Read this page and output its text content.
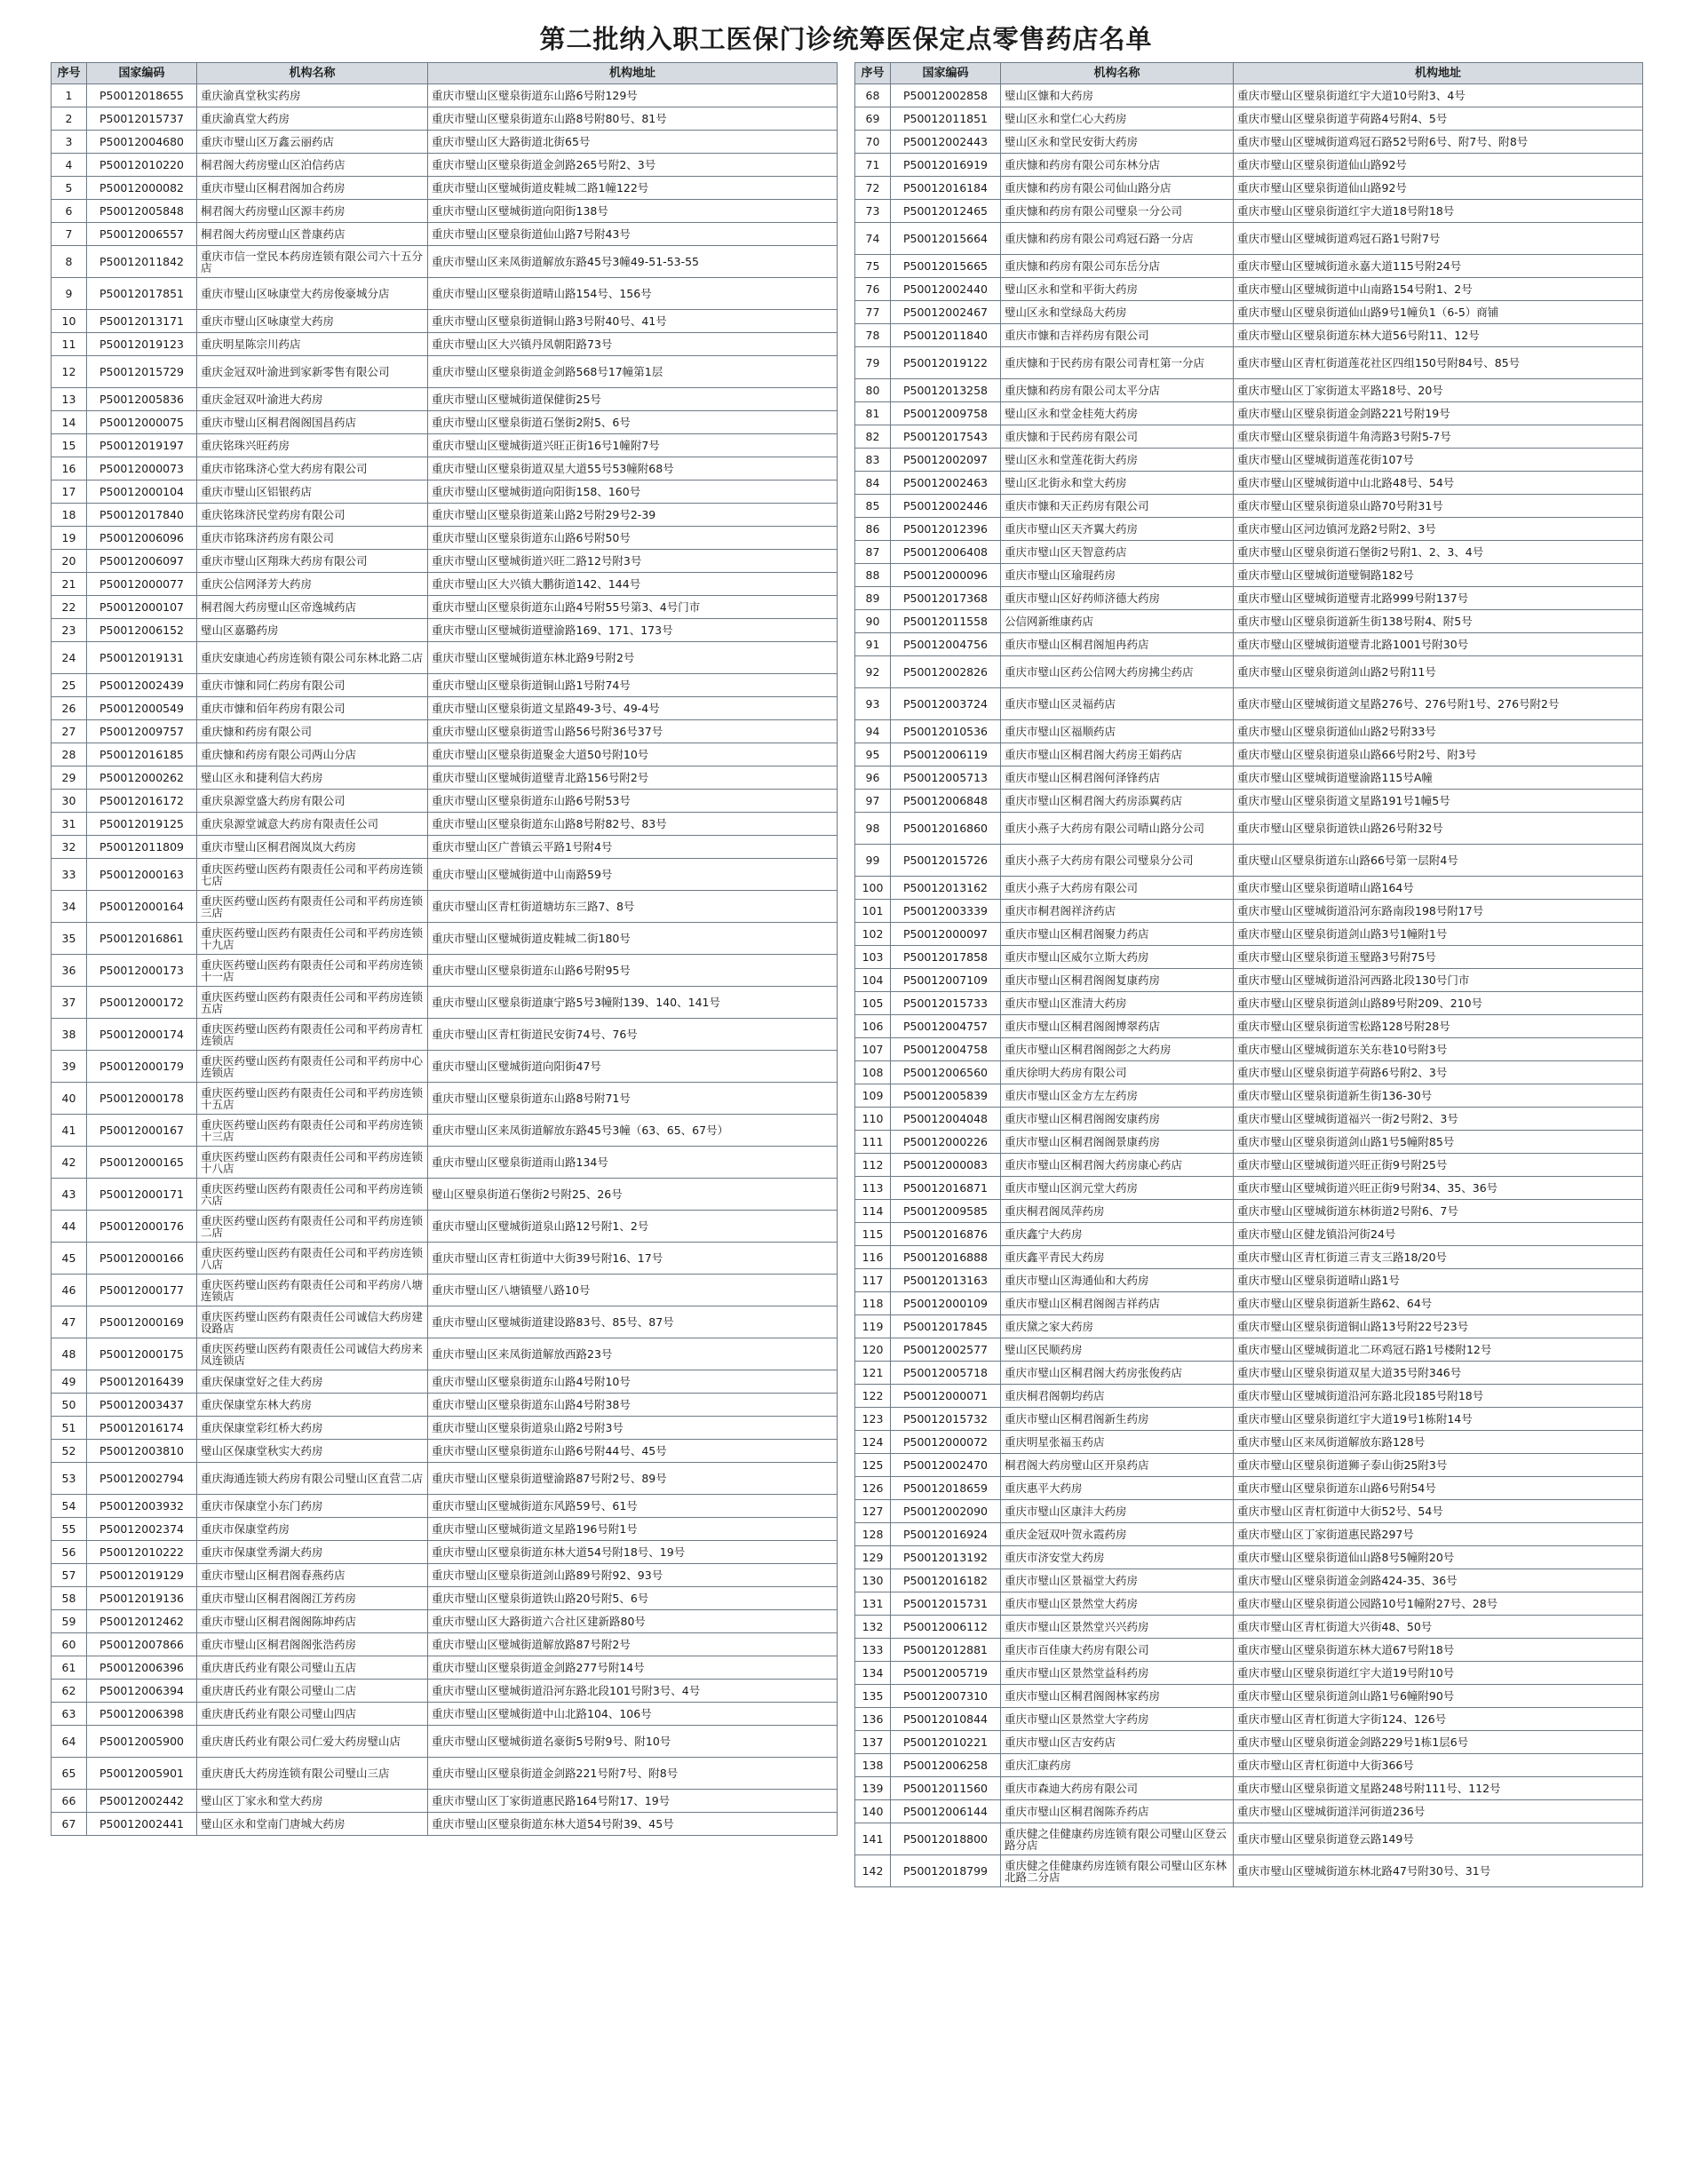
第二批纳入职工医保门诊统筹医保定点零售药店名单
序号	国家编码	机构名称	机构地址
1	P50012018655	重庆渝真堂秋实药房	重庆市璧山区璧泉街道东山路6号附129号
2	P50012015737	重庆渝真堂大药房	重庆市璧山区璧泉街道东山路8号附80号、81号
3	P50012004680	重庆市璧山区万鑫云丽药店	重庆市璧山区大路街道北街65号
4	P50012010220	桐君阁大药房璧山区泊信药店	重庆市璧山区璧泉街道金剑路265号附2、3号
5	P50012000082	重庆市璧山区桐君阁加合药房	重庆市璧山区璧城街道皮鞋城二路1幢122号
6	P50012005848	桐君阁大药房璧山区源丰药房	重庆市璧山区璧城街道向阳街138号
7	P50012006557	桐君阁大药房璧山区普康药店	重庆市璧山区璧泉街道仙山路7号附43号
8	P50012011842	重庆市信一堂民本药房连锁有限公司六十五分店	重庆市璧山区来凤街道解放东路45号3幢49-51-53-55
9	P50012017851	重庆市璧山区咏康堂大药房俊豪城分店	重庆市璧山区璧泉街道晴山路154号、156号
10	P50012013171	重庆市璧山区咏康堂大药房	重庆市璧山区璧泉街道铜山路3号附40号、41号
11	P50012019123	重庆明星陈宗川药店	重庆市璧山区大兴镇丹凤朝阳路73号
12	P50012015729	重庆金冠双叶渝进到家新零售有限公司	重庆市璧山区璧泉街道金剑路568号17幢第1层
13	P50012005836	重庆金冠双叶渝进大药房	重庆市璧山区璧城街道保健街25号
14	P50012000075	重庆市璧山区桐君阁阁国昌药店	重庆市璧山区璧泉街道石堡街2附5、6号
15	P50012019197	重庆铭珠兴旺药房	重庆市璧山区璧城街道兴旺正街16号1幢附7号
16	P50012000073	重庆市铭珠济心堂大药房有限公司	重庆市璧山区璧泉街道双星大道55号53幢附68号
17	P50012000104	重庆市璧山区铝银药店	重庆市璧山区璧城街道向阳街158、160号
18	P50012017840	重庆铭珠济民堂药房有限公司	重庆市璧山区璧泉街道莱山路2号附29号2-39
19	P50012006096	重庆市铭珠济药房有限公司	重庆市璧山区璧泉街道东山路6号附50号
20	P50012006097	重庆市璧山区翔珠大药房有限公司	重庆市璧山区璧城街道兴旺二路12号附3号
21	P50012000077	重庆公信网泽芳大药房	重庆市璧山区大兴镇大鹏街道142、144号
22	P50012000107	桐君阁大药房璧山区帝逸城药店	重庆市璧山区璧泉街道东山路4号附55号第3、4号门市
23	P50012006152	璧山区嘉璐药房	重庆市璧山区璧城街道璧渝路169、171、173号
24	P50012019131	重庆安康迪心药房连锁有限公司东林北路二店	重庆市璧山区璧城街道东林北路9号附2号
25	P50012002439	重庆市慷和同仁药房有限公司	重庆市璧山区璧泉街道铜山路1号附74号
26	P50012000549	重庆市慷和佰年药房有限公司	重庆市璧山区璧泉街道文星路49-3号、49-4号
27	P50012009757	重庆慷和药房有限公司	重庆市璧山区璧泉街道雪山路56号附36号37号
28	P50012016185	重庆慷和药房有限公司两山分店	重庆市璧山区璧泉街道聚金大道50号附10号
29	P50012000262	璧山区永和捷利信大药房	重庆市璧山区璧城街道璧青北路156号附2号
30	P50012016172	重庆泉源堂盛大药房有限公司	重庆市璧山区璧泉街道东山路6号附53号
31	P50012019125	重庆泉源堂诚意大药房有限责任公司	重庆市璧山区璧泉街道东山路8号附82号、83号
32	P50012011809	重庆市璧山区桐君阁岚岚大药房	重庆市璧山区广普镇云平路1号附4号
33	P50012000163	重庆医药璧山医药有限责任公司和平药房连锁七店	重庆市璧山区璧城街道中山南路59号
34	P50012000164	重庆医药璧山医药有限责任公司和平药房连锁三店	重庆市璧山区青杠街道塘坊东三路7、8号
35	P50012016861	重庆医药璧山医药有限责任公司和平药房连锁十九店	重庆市璧山区璧城街道皮鞋城二街180号
36	P50012000173	重庆医药璧山医药有限责任公司和平药房连锁十一店	重庆市璧山区璧泉街道东山路6号附95号
37	P50012000172	重庆医药璧山医药有限责任公司和平药房连锁五店	重庆市璧山区璧泉街道康宁路5号3幢附139、140、141号
38	P50012000174	重庆医药璧山医药有限责任公司和平药房青杠连锁店	重庆市璧山区青杠街道民安街74号、76号
39	P50012000179	重庆医药璧山医药有限责任公司和平药房中心连锁店	重庆市璧山区璧城街道向阳街47号
40	P50012000178	重庆医药璧山医药有限责任公司和平药房连锁十五店	重庆市璧山区璧泉街道东山路8号附71号
41	P50012000167	重庆医药璧山医药有限责任公司和平药房连锁十三店	重庆市璧山区来凤街道解放东路45号3幢（63、65、67号）
42	P50012000165	重庆医药璧山医药有限责任公司和平药房连锁十八店	重庆市璧山区璧泉街道雨山路134号
43	P50012000171	重庆医药璧山医药有限责任公司和平药房连锁六店	璧山区璧泉街道石堡街2号附25、26号
44	P50012000176	重庆医药璧山医药有限责任公司和平药房连锁二店	重庆市璧山区璧城街道泉山路12号附1、2号
45	P50012000166	重庆医药璧山医药有限责任公司和平药房连锁八店	重庆市璧山区青杠街道中大街39号附16、17号
46	P50012000177	重庆医药璧山医药有限责任公司和平药房八塘连锁店	重庆市璧山区八塘镇璧八路10号
47	P50012000169	重庆医药璧山医药有限责任公司诚信大药房建设路店	重庆市璧山区璧城街道建设路83号、85号、87号
48	P50012000175	重庆医药璧山医药有限责任公司诚信大药房来凤连锁店	重庆市璧山区来凤街道解放西路23号
49	P50012016439	重庆保康堂好之佳大药房	重庆市璧山区璧泉街道东山路4号附10号
50	P50012003437	重庆保康堂东林大药房	重庆市璧山区璧泉街道东山路4号附38号
51	P50012016174	重庆保康堂彩红桥大药房	重庆市璧山区璧泉街道泉山路2号附3号
52	P50012003810	璧山区保康堂秋实大药房	重庆市璧山区璧泉街道东山路6号附44号、45号
53	P50012002794	重庆海通连锁大药房有限公司璧山区直营二店	重庆市璧山区璧泉街道璧渝路87号附2号、89号
54	P50012003932	重庆市保康堂小东门药房	重庆市璧山区璧城街道东风路59号、61号
55	P50012002374	重庆市保康堂药房	重庆市璧山区璧城街道文星路196号附1号
56	P50012010222	重庆市保康堂秀湖大药房	重庆市璧山区璧泉街道东林大道54号附18号、19号
57	P50012019129	重庆市璧山区桐君阁春燕药店	重庆市璧山区璧泉街道剑山路89号附92、93号
58	P50012019136	重庆市璧山区桐君阁阁江芳药房	重庆市璧山区璧泉街道铁山路20号附5、6号
59	P50012012462	重庆市璧山区桐君阁阁陈坤药店	重庆市璧山区大路街道六合社区建新路80号
60	P50012007866	重庆市璧山区桐君阁阁张浩药房	重庆市璧山区璧城街道解放路87号附2号
61	P50012006396	重庆唐氏药业有限公司璧山五店	重庆市璧山区璧泉街道金剑路277号附14号
62	P50012006394	重庆唐氏药业有限公司璧山二店	重庆市璧山区璧城街道沿河东路北段101号附3号、4号
63	P50012006398	重庆唐氏药业有限公司璧山四店	重庆市璧山区璧城街道中山北路104、106号
64	P50012005900	重庆唐氏药业有限公司仁爱大药房璧山店	重庆市璧山区璧城街道名豪街5号附9号、附10号
65	P50012005901	重庆唐氏大药房连锁有限公司璧山三店	重庆市璧山区璧泉街道金剑路221号附7号、附8号
66	P50012002442	璧山区丁家永和堂大药房	重庆市璧山区丁家街道惠民路164号附17、19号
67	P50012002441	璧山区永和堂南门唐城大药房	重庆市璧山区璧泉街道东林大道54号附39、45号
序号	国家编码	机构名称	机构地址
68	P50012002858	璧山区慷和大药房	重庆市璧山区璧泉街道红宇大道10号附3、4号
69	P50012011851	璧山区永和堂仁心大药房	重庆市璧山区璧泉街道芋荷路4号附4、5号
70	P50012002443	璧山区永和堂民安街大药房	重庆市璧山区璧城街道鸡冠石路52号附6号、附7号、附8号
71	P50012016919	重庆慷和药房有限公司东林分店	重庆市璧山区璧泉街道仙山路92号
72	P50012016184	重庆慷和药房有限公司仙山路分店	重庆市璧山区璧泉街道仙山路92号
73	P50012012465	重庆慷和药房有限公司璧泉一分公司	重庆市璧山区璧泉街道红宇大道18号附18号
74	P50012015664	重庆慷和药房有限公司鸡冠石路一分店	重庆市璧山区璧城街道鸡冠石路1号附7号
75	P50012015665	重庆慷和药房有限公司东岳分店	重庆市璧山区璧城街道永嘉大道115号附24号
76	P50012002440	璧山区永和堂和平街大药房	重庆市璧山区璧城街道中山南路154号附1、2号
77	P50012002467	璧山区永和堂绿岛大药房	重庆市璧山区璧泉街道仙山路9号1幢负1（6-5）商铺
78	P50012011840	重庆市慷和吉祥药房有限公司	重庆市璧山区璧泉街道东林大道56号附11、12号
79	P50012019122	重庆慷和于民药房有限公司青杠第一分店	重庆市璧山区青杠街道莲花社区四组150号附84号、85号
80	P50012013258	重庆慷和药房有限公司太平分店	重庆市璧山区丁家街道太平路18号、20号
81	P50012009758	璧山区永和堂金桂苑大药房	重庆市璧山区璧泉街道金剑路221号附19号
82	P50012017543	重庆慷和于民药房有限公司	重庆市璧山区璧泉街道牛角湾路3号附5-7号
83	P50012002097	璧山区永和堂莲花街大药房	重庆市璧山区璧城街道莲花街107号
84	P50012002463	璧山区北街永和堂大药房	重庆市璧山区璧城街道中山北路48号、54号
85	P50012002446	重庆市慷和天正药房有限公司	重庆市璧山区璧泉街道泉山路70号附31号
86	P50012012396	重庆市璧山区天齐翼大药房	重庆市璧山区河边镇河龙路2号附2、3号
87	P50012006408	重庆市璧山区天智意药店	重庆市璧山区璧泉街道石堡街2号附1、2、3、4号
88	P50012000096	重庆市璧山区瑜琨药房	重庆市璧山区璧城街道璧铜路182号
89	P50012017368	重庆市璧山区好药师济德大药房	重庆市璧山区璧城街道璧青北路999号附137号
90	P50012011558	公信网新维康药店	重庆市璧山区璧泉街道新生街138号附4、附5号
91	P50012004756	重庆市璧山区桐君阁旭冉药店	重庆市璧山区璧城街道璧青北路1001号附30号
92	P50012002826	重庆市璧山区药公信网大药房拂尘药店	重庆市璧山区璧泉街道剑山路2号附11号
93	P50012003724	重庆市璧山区灵福药店	重庆市璧山区璧城街道文星路276号、276号附1号、276号附2号
94	P50012010536	重庆市璧山区福顺药店	重庆市璧山区璧泉街道仙山路2号附33号
95	P50012006119	重庆市璧山区桐君阁大药房王娟药店	重庆市璧山区璧泉街道泉山路66号附2号、附3号
96	P50012005713	重庆市璧山区桐君阁何泽锋药店	重庆市璧山区璧城街道璧渝路115号A幢
97	P50012006848	重庆市璧山区桐君阁大药房添翼药店	重庆市璧山区璧泉街道文星路191号1幢5号
98	P50012016860	重庆小燕子大药房有限公司晴山路分公司	重庆市璧山区璧泉街道铁山路26号附32号
99	P50012015726	重庆小燕子大药房有限公司璧泉分公司	重庆璧山区璧泉街道东山路66号第一层附4号
100	P50012013162	重庆小燕子大药房有限公司	重庆市璧山区璧泉街道晴山路164号
101	P50012003339	重庆市桐君阁祥济药店	重庆市璧山区璧城街道沿河东路南段198号附17号
102	P50012000097	重庆市璧山区桐君阁聚力药店	重庆市璧山区璧泉街道剑山路3号1幢附1号
103	P50012017858	重庆市璧山区威尔立斯大药房	重庆市璧山区璧泉街道玉璧路3号附75号
104	P50012007109	重庆市璧山区桐君阁阁复康药房	重庆市璧山区璧城街道沿河西路北段130号门市
105	P50012015733	重庆市璧山区淮清大药房	重庆市璧山区璧泉街道剑山路89号附209、210号
106	P50012004757	重庆市璧山区桐君阁阁博翠药店	重庆市璧山区璧泉街道雪松路128号附28号
107	P50012004758	重庆市璧山区桐君阁阁彭之大药房	重庆市璧山区璧城街道东关东巷10号附3号
108	P50012006560	重庆徐明大药房有限公司	重庆市璧山区璧泉街道芋荷路6号附2、3号
109	P50012005839	重庆市璧山区金方左左药房	重庆市璧山区璧泉街道新生街136-30号
110	P50012004048	重庆市璧山区桐君阁阁安康药房	重庆市璧山区璧城街道福兴一街2号附2、3号
111	P50012000226	重庆市璧山区桐君阁阁景康药房	重庆市璧山区璧泉街道剑山路1号5幢附85号
112	P50012000083	重庆市璧山区桐君阁大药房康心药店	重庆市璧山区璧城街道兴旺正街9号附25号
113	P50012016871	重庆市璧山区润元堂大药房	重庆市璧山区璧城街道兴旺正街9号附34、35、36号
114	P50012009585	重庆桐君阁凤萍药房	重庆市璧山区璧城街道东林街道2号附6、7号
115	P50012016876	重庆鑫宁大药房	重庆市璧山区健龙镇沿河街24号
116	P50012016888	重庆鑫平青民大药房	重庆市璧山区青杠街道三青支三路18/20号
117	P50012013163	重庆市璧山区海通仙和大药房	重庆市璧山区璧泉街道晴山路1号
118	P50012000109	重庆市璧山区桐君阁阁吉祥药店	重庆市璧山区璧泉街道新生路62、64号
119	P50012017845	重庆黛之家大药房	重庆市璧山区璧泉街道铜山路13号附22号23号
120	P50012002577	璧山区民顺药房	重庆市璧山区璧城街道北二环鸡冠石路1号楼附12号
121	P50012005718	重庆市璧山区桐君阁大药房张俊药店	重庆市璧山区璧泉街道双星大道35号附346号
122	P50012000071	重庆桐君阁朝均药店	重庆市璧山区璧城街道沿河东路北段185号附18号
123	P50012015732	重庆市璧山区桐君阁新生药房	重庆市璧山区璧泉街道红宇大道19号1栋附14号
124	P50012000072	重庆明星张福玉药店	重庆市璧山区来凤街道解放东路128号
125	P50012002470	桐君阁大药房璧山区开泉药店	重庆市璧山区璧泉街道狮子泰山街25附3号
126	P50012018659	重庆惠平大药房	重庆市璧山区璧泉街道东山路6号附54号
127	P50012002090	重庆市璧山区康沣大药房	重庆市璧山区青杠街道中大街52号、54号
128	P50012016924	重庆金冠双叶贺永霞药房	重庆市璧山区丁家街道惠民路297号
129	P50012013192	重庆市济安堂大药房	重庆市璧山区璧泉街道仙山路8号5幢附20号
130	P50012016182	重庆市璧山区景福堂大药房	重庆市璧山区璧泉街道金剑路424-35、36号
131	P50012015731	重庆市璧山区景然堂大药房	重庆市璧山区璧泉街道公园路10号1幢附27号、28号
132	P50012006112	重庆市璧山区景然堂兴兴药房	重庆市璧山区青杠街道大兴街48、50号
133	P50012012881	重庆市百佳康大药房有限公司	重庆市璧山区璧泉街道东林大道67号附18号
134	P50012005719	重庆市璧山区景然堂益科药房	重庆市璧山区璧泉街道红宇大道19号附10号
135	P50012007310	重庆市璧山区桐君阁阁林家药房	重庆市璧山区璧泉街道剑山路1号6幢附90号
136	P50012010844	重庆市璧山区景然堂大字药房	重庆市璧山区青杠街道大字街124、126号
137	P50012010221	重庆市璧山区吉安药店	重庆市璧山区璧泉街道金剑路229号1栋1层6号
138	P50012006258	重庆汇康药房	重庆市璧山区青杠街道中大街366号
139	P50012011560	重庆市森迪大药房有限公司	重庆市璧山区璧泉街道文星路248号附111号、112号
140	P50012006144	重庆市璧山区桐君阁陈乔药店	重庆市璧山区璧城街道洋河街道236号
141	P50012018800	重庆健之佳健康药房连锁有限公司璧山区登云路分店	重庆市璧山区璧泉街道登云路149号
142	P50012018799	重庆健之佳健康药房连锁有限公司璧山区东林北路二分店	重庆市璧山区璧城街道东林北路47号附30号、31号
